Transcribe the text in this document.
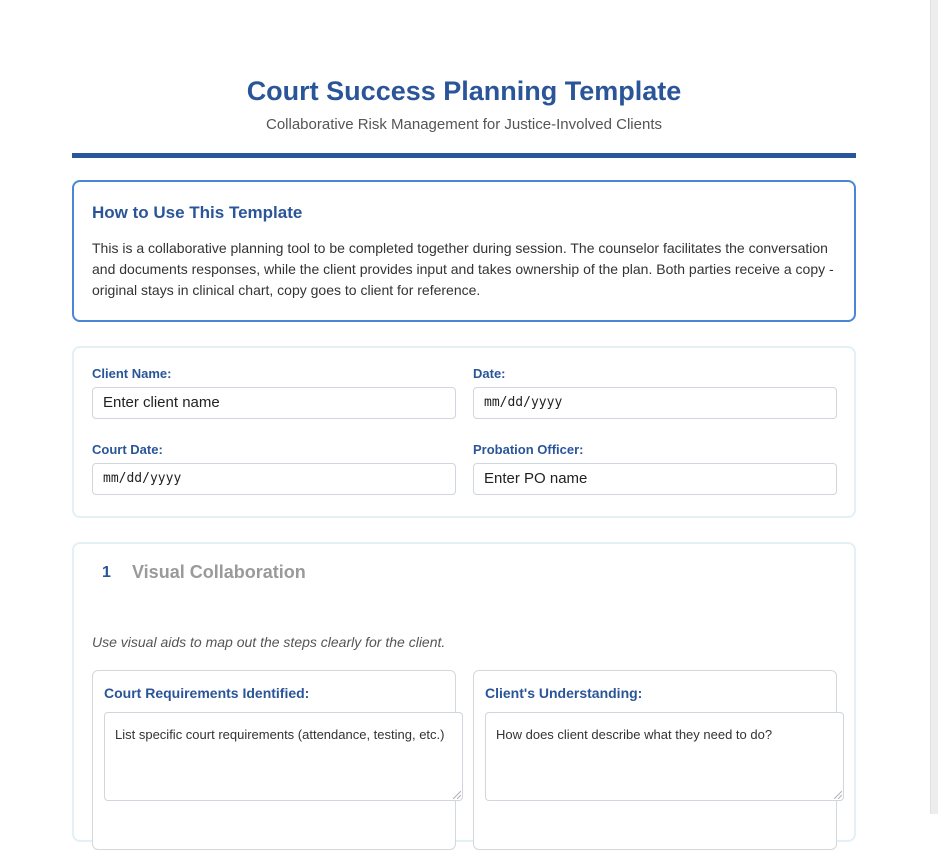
Court Success Planning Template
Collaborative Risk Management for Justice-Involved Clients
How to Use This Template
This is a collaborative planning tool to be completed together during session. The counselor facilitates the conversation and documents responses, while the client provides input and takes ownership of the plan. Both parties receive a copy - original stays in clinical chart, copy goes to client for reference.
Client Name:
Enter client name
Date:
mm/dd/yyyy
Court Date:
mm/dd/yyyy
Probation Officer:
Enter PO name
1 Visual Collaboration
Use visual aids to map out the steps clearly for the client.
Court Requirements Identified:
List specific court requirements (attendance, testing, etc.)
Client's Understanding:
How does client describe what they need to do?
